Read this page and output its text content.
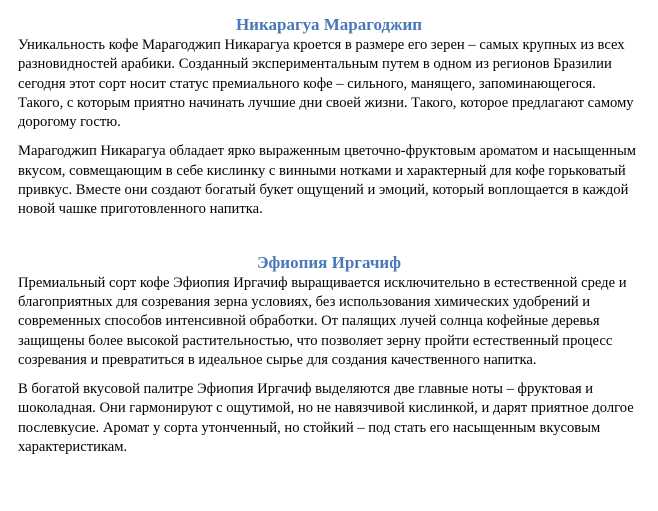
Никарагуа Марагоджип

Уникальность кофе Марагоджип Никарагуа кроется в размере его зерен – самых крупных из всех разновидностей арабики. Созданный экспериментальным путем в одном из регионов Бразилии сегодня этот сорт носит статус премиального кофе – сильного, манящего, запоминающегося. Такого, с которым приятно начинать лучшие дни своей жизни. Такого, которое предлагают самому дорогому гостю.

Марагоджип Никарагуа обладает ярко выраженным цветочно-фруктовым ароматом и насыщенным вкусом, совмещающим в себе кислинку с винными нотками и характерный для кофе горьковатый привкус. Вместе они создают богатый букет ощущений и эмоций, который воплощается в каждой новой чашке приготовленного напитка.

Эфиопия Иргачиф

Премиальный сорт кофе Эфиопия Иргачиф выращивается исключительно в естественной среде и благоприятных для созревания зерна условиях, без использования химических удобрений и современных способов интенсивной обработки. От палящих лучей солнца кофейные деревья защищены более высокой растительностью, что позволяет зерну пройти естественный процесс созревания и превратиться в идеальное сырье для создания качественного напитка.

В богатой вкусовой палитре Эфиопия Иргачиф выделяются две главные ноты – фруктовая и шоколадная. Они гармонируют с ощутимой, но не навязчивой кислинкой, и дарят приятное долгое послевкусие. Аромат у сорта утонченный, но стойкий – под стать его насыщенным вкусовым характеристикам.
